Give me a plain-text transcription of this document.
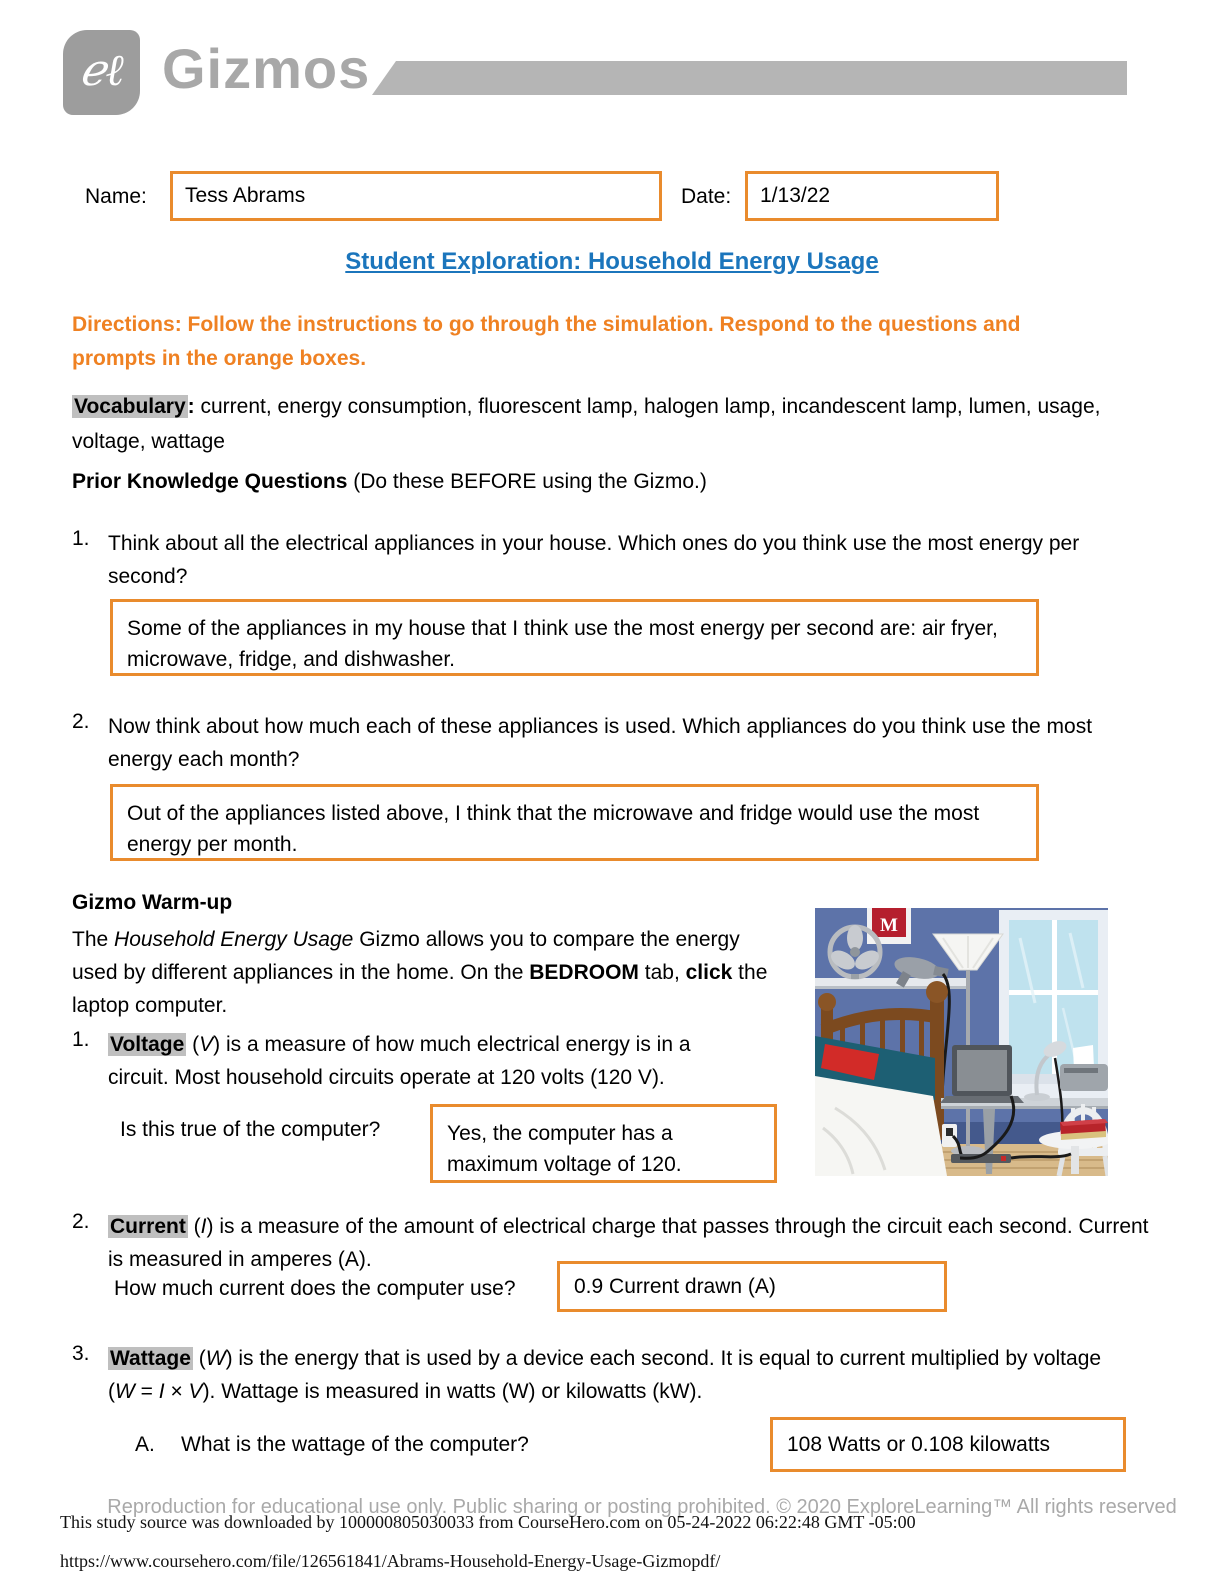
ℯℓ Gizmos
Name: Tess Abrams	Date: 1/13/22
Student Exploration: Household Energy Usage
Directions: Follow the instructions to go through the simulation. Respond to the questions and prompts in the orange boxes.
Vocabulary: current, energy consumption, fluorescent lamp, halogen lamp, incandescent lamp, lumen, usage, voltage, wattage
Prior Knowledge Questions (Do these BEFORE using the Gizmo.)
1. Think about all the electrical appliances in your house. Which ones do you think use the most energy per second?
Some of the appliances in my house that I think use the most energy per second are: air fryer, microwave, fridge, and dishwasher.
2. Now think about how much each of these appliances is used. Which appliances do you think use the most energy each month?
Out of the appliances listed above, I think that the microwave and fridge would use the most energy per month.
Gizmo Warm-up
The Household Energy Usage Gizmo allows you to compare the energy used by different appliances in the home. On the BEDROOM tab, click the laptop computer.
M
1. Voltage (V) is a measure of how much electrical energy is in a circuit. Most household circuits operate at 120 volts (120 V).
Is this true of the computer?	Yes, the computer has a maximum voltage of 120.
2. Current (I) is a measure of the amount of electrical charge that passes through the circuit each second. Current is measured in amperes (A).
How much current does the computer use?	0.9 Current drawn (A)
3. Wattage (W) is the energy that is used by a device each second. It is equal to current multiplied by voltage
(W = I × V). Wattage is measured in watts (W) or kilowatts (kW).
A. What is the wattage of the computer?	108 Watts or 0.108 kilowatts
Reproduction for educational use only. Public sharing or posting prohibited. © 2020 ExploreLearning™ All rights reserved
This study source was downloaded by 100000805030033 from CourseHero.com on 05-24-2022 06:22:48 GMT -05:00
https://www.coursehero.com/file/126561841/Abrams-Household-Energy-Usage-Gizmopdf/
